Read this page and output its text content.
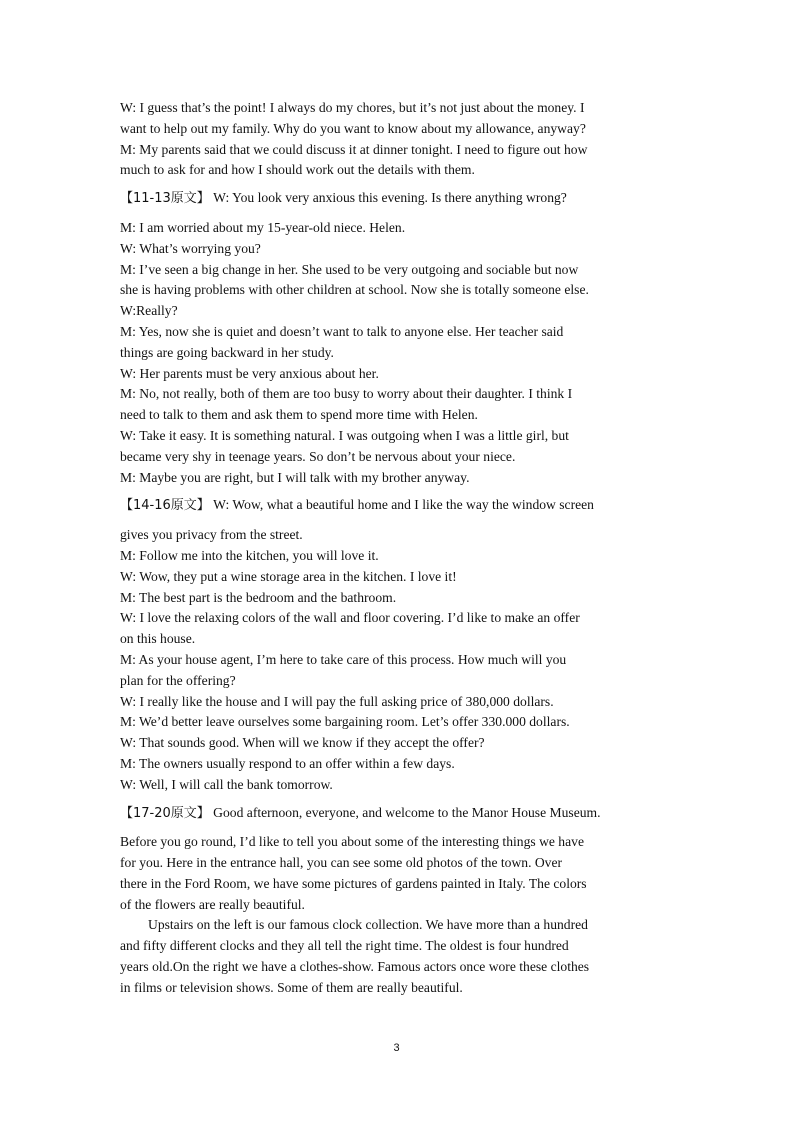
W: I guess that’s the point! I always do my chores, but it’s not just about the money. I
want to help out my family. Why do you want to know about my allowance, anyway?
M: My parents said that we could discuss it at dinner tonight. I need to figure out how
much to ask for and how I should work out the details with them.
【11-13原文】 W: You look very anxious this evening. Is there anything wrong?
M: I am worried about my 15-year-old niece. Helen.
W: What’s worrying you?
M: I’ve seen a big change in her. She used to be very outgoing and sociable but now
she is having problems with other children at school. Now she is totally someone else.
W:Really?
M: Yes, now she is quiet and doesn’t want to talk to anyone else. Her teacher said
things are going backward in her study.
W: Her parents must be very anxious about her.
M: No, not really, both of them are too busy to worry about their daughter. I think I
need to talk to them and ask them to spend more time with Helen.
W: Take it easy. It is something natural. I was outgoing when I was a little girl, but
became very shy in teenage years. So don’t be nervous about your niece.
M: Maybe you are right, but I will talk with my brother anyway.
【14-16原文】 W: Wow, what a beautiful home and I like the way the window screen
gives you privacy from the street.
M: Follow me into the kitchen, you will love it.
W: Wow, they put a wine storage area in the kitchen. I love it!
M: The best part is the bedroom and the bathroom.
W: I love the relaxing colors of the wall and floor covering. I’d like to make an offer
on this house.
M: As your house agent, I’m here to take care of this process. How much will you
plan for the offering?
W: I really like the house and I will pay the full asking price of 380,000 dollars.
M: We’d better leave ourselves some bargaining room. Let’s offer 330.000 dollars.
W: That sounds good. When will we know if they accept the offer?
M: The owners usually respond to an offer within a few days.
W: Well, I will call the bank tomorrow.
【17-20原文】 Good afternoon, everyone, and welcome to the Manor House Museum.
Before you go round, I’d like to tell you about some of the interesting things we have
for you. Here in the entrance hall, you can see some old photos of the town. Over
there in the Ford Room, we have some pictures of gardens painted in Italy. The colors
of the flowers are really beautiful.
Upstairs on the left is our famous clock collection. We have more than a hundred
and fifty different clocks and they all tell the right time. The oldest is four hundred
years old.On the right we have a clothes-show. Famous actors once wore these clothes
in films or television shows. Some of them are really beautiful.
3
